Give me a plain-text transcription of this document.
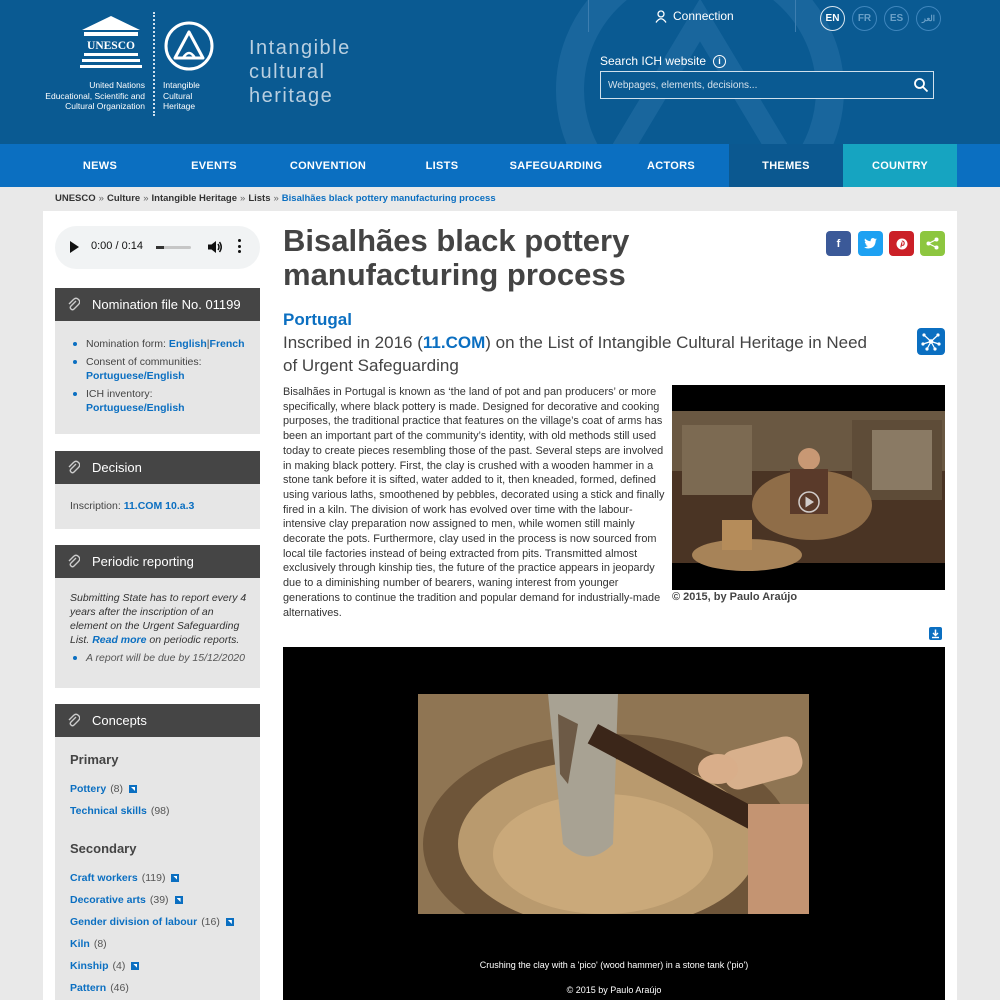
UNESCO
United Nations
Educational, Scientific and
Cultural Organization
Intangible
Cultural
Heritage
Intangible
cultural
heritage
Connection	EN	FR	ES	العر
Search ICH website	i
Webpages, elements, decisions...
NEWS	EVENTS	CONVENTION	LISTS	SAFEGUARDING	ACTORS	THEMES	COUNTRY
UNESCO » Culture » Intangible Heritage » Lists » Bisalhães black pottery manufacturing process
0:00 / 0:14
Nomination file No. 01199
Nomination form: English|French
Consent of communities:
Portuguese/English
ICH inventory:
Portuguese/English
Decision
Inscription: 11.COM 10.a.3
Periodic reporting
Submitting State has to report every 4 years after the inscription of an element on the Urgent Safeguarding List. Read more on periodic reports.
A report will be due by 15/12/2020
Concepts
Primary
Pottery (8)
Technical skills (98)
Secondary
Craft workers (119)
Decorative arts (39)
Gender division of labour (16)
Kiln (8)
Kinship (4)
Pattern (46)
Bisalhães black pottery manufacturing process
f
Portugal
Inscribed in 2016 (11.COM) on the List of Intangible Cultural Heritage in Need of Urgent Safeguarding

Bisalhães in Portugal is known as ‘the land of pot and pan producers’ or more specifically, where black pottery is made. Designed for decorative and cooking purposes, the traditional practice that features on the village’s coat of arms has been an important part of the community’s identity, with old methods still used today to create pieces resembling those of the past. Several steps are involved in making black pottery. First, the clay is crushed with a wooden hammer in a stone tank before it is sifted, water added to it, then kneaded, formed, defined using various laths, smoothened by pebbles, decorated using a stick and finally fired in a kiln. The division of work has evolved over time with the labour-intensive clay preparation now assigned to men, while women still mainly decorate the pots. Furthermore, clay used in the process is now sourced from local tile factories instead of being extracted from pits. Transmitted almost exclusively through kinship ties, the future of the practice appears in jeopardy due to a diminishing number of bearers, waning interest from younger generations to continue the tradition and popular demand for industrially-made alternatives.

© 2015, by Paulo Araújo
Crushing the clay with a 'pico' (wood hammer) in a stone tank ('pio')
© 2015 by Paulo Araújo
